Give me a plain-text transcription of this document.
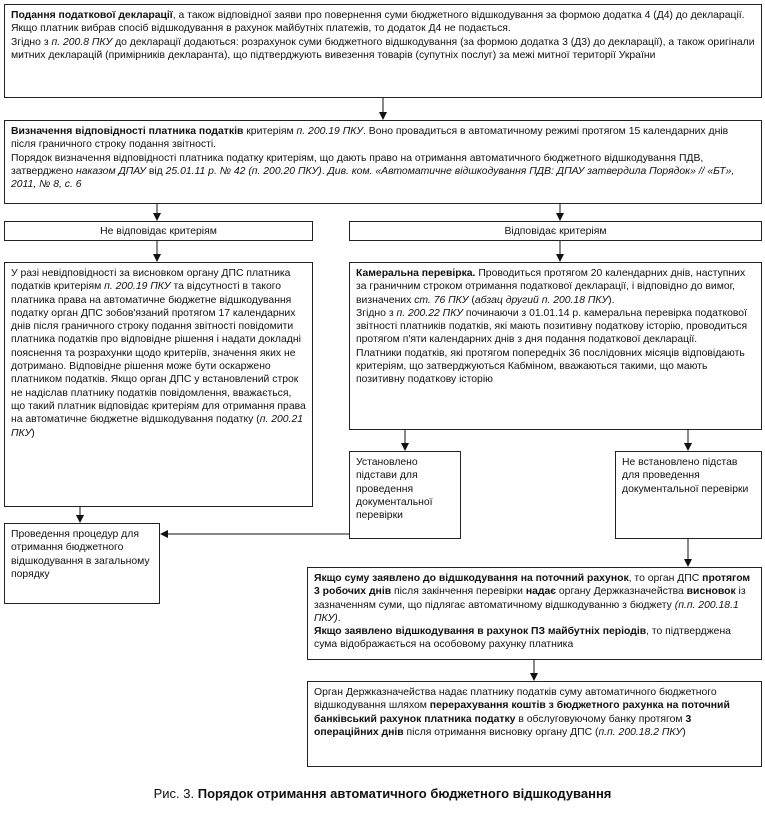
Подання податкової декларації, а також відповідної заяви про повернення суми бюджетного відшкодування за формою додатка 4 (Д4) до декларації. Якщо платник вибрав спосіб відшкодування в рахунок майбутніх платежів, то додаток Д4 не подається.

Згідно з п. 200.8 ПКУ до декларації додаються: розрахунок суми бюджетного відшкодування (за формою додатка 3 (Д3) до декларації), а також оригінали митних декларацій (примірників декларанта), що підтверджують вивезення товарів (супутніх послуг) за межі митної території України

Визначення відповідності платника податків критеріям п. 200.19 ПКУ. Воно провадиться в автоматичному режимі протягом 15 календарних днів після граничного строку подання звітності.

Порядок визначення відповідності платника податку критеріям, що дають право на отримання автоматичного бюджетного відшкодування ПДВ, затверджено наказом ДПАУ від 25.01.11 р. № 42 (п. 200.20 ПКУ). Див. ком. «Автоматичне відшкодування ПДВ: ДПАУ затвердила Порядок» // «БТ», 2011, № 8, с. 6

Не відповідає критеріям	Відповідає критеріям

У разі невідповідності за висновком органу ДПС платника податків критеріям п. 200.19 ПКУ та відсутності в такого платника права на автоматичне бюджетне відшкодування податку орган ДПС зобов'язаний протягом 17 календарних днів після граничного строку подання звітності повідомити платника податків про відповідне рішення і надати докладні пояснення та розрахунки щодо критеріїв, значення яких не дотримано. Відповідне рішення може бути оскаржено платником податків. Якщо орган ДПС у встановлений строк не надіслав платнику податків повідомлення, вважається, що такий платник відповідає критеріям для отримання права на автоматичне бюджетне відшкодування податку (п. 200.21 ПКУ)

Камеральна перевірка. Проводиться протягом 20 календарних днів, наступних за граничним строком отримання податкової декларації, і відповідно до вимог, визначених ст. 76 ПКУ (абзац другий п. 200.18 ПКУ).

Згідно з п. 200.22 ПКУ починаючи з 01.01.14 р. камеральна перевірка податкової звітності платників податків, які мають позитивну податкову історію, проводиться протягом п'яти календарних днів з дня подання податкової декларації.

Платники податків, які протягом попередніх 36 послідовних місяців відповідають критеріям, що затверджуються Кабміном, вважаються такими, що мають позитивну податкову історію

Установлено підстави для проведення документальної перевірки
Не встановлено підстав для проведення документальної перевірки
Проведення процедур для отримання бюджетного відшкодування в загальному порядку	Якщо суму заявлено до відшкодування на поточний рахунок, то орган ДПС протягом 3 робочих днів після закінчення перевірки надає органу Держказначейства висновок із зазначенням суми, що підлягає автоматичному відшкодуванню з бюджету (п.п. 200.18.1 ПКУ).

Якщо заявлено відшкодування в рахунок ПЗ майбутніх періодів, то підтверджена сума відображається на особовому рахунку платника

Орган Держказначейства надає платнику податків суму автоматичного бюджетного відшкодування шляхом перерахування коштів з бюджетного рахунка на поточний банківський рахунок платника податку в обслуговуючому банку протягом 3 операційних днів після отримання висновку органу ДПС (п.п. 200.18.2 ПКУ)

Рис. 3. Порядок отримання автоматичного бюджетного відшкодування
